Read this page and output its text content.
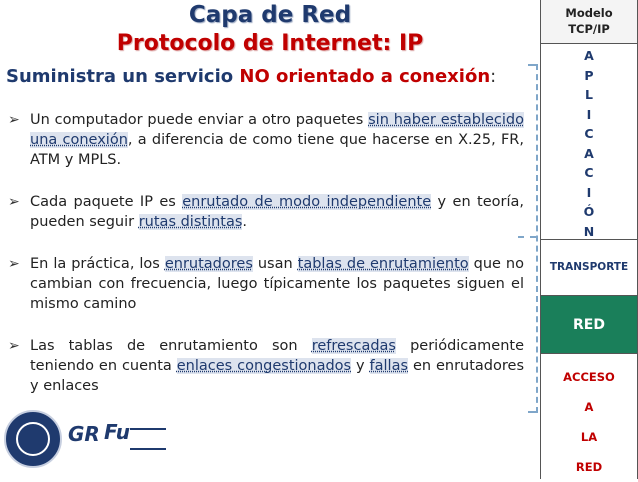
Capa de Red
Protocolo de Internet: IP
Suministra un servicio NO orientado a conexión:
➢ Un computador puede enviar a otro paquetes sin haber establecido una conexión, a diferencia de como tiene que hacerse en X.25, FR, ATM y MPLS.
➢ Cada paquete IP es enrutado de modo independiente y en teoría, pueden seguir rutas distintas.
➢ En la práctica, los enrutadores usan tablas de enrutamiento que no cambian con frecuencia, luego típicamente los paquetes siguen el mismo camino
➢ Las tablas de enrutamiento son refrescadas periódicamente teniendo en cuenta enlaces congestionados y fallas en enrutadores y enlaces
Modelo
TCP/IP
A
P
L
I
C
A
C
I
Ó
N
TRANSPORTE
RED
ACCESO
A
LA
RED
GR Fu
